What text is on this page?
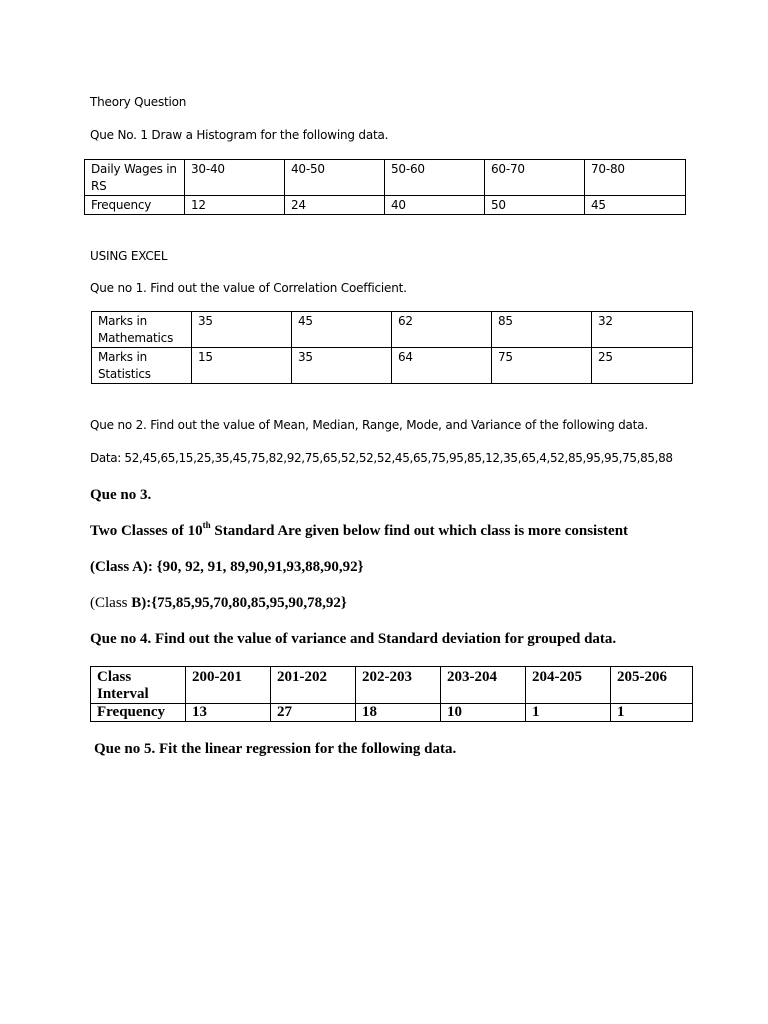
Theory Question
Que No. 1 Draw a Histogram for the following data.
Daily Wages in RS	30-40	40-50	50-60	60-70	70-80
Frequency	12	24	40	50	45
USING EXCEL
Que no 1. Find out the value of Correlation Coefficient.
Marks in Mathematics	35	45	62	85	32
Marks in Statistics	15	35	64	75	25
Que no 2. Find out the value of Mean, Median, Range, Mode, and Variance of the following data.
Data: 52,45,65,15,25,35,45,75,82,92,75,65,52,52,52,45,65,75,95,85,12,35,65,4,52,85,95,95,75,85,88
Que no 3.
Two Classes of 10th Standard Are given below find out which class is more consistent
(Class A): {90, 92, 91, 89,90,91,93,88,90,92}
(Class B):{75,85,95,70,80,85,95,90,78,92}
Que no 4. Find out the value of variance and Standard deviation for grouped data.
Class Interval	200-201	201-202	202-203	203-204	204-205	205-206
Frequency	13	27	18	10	1	1
Que no 5. Fit the linear regression for the following data.
